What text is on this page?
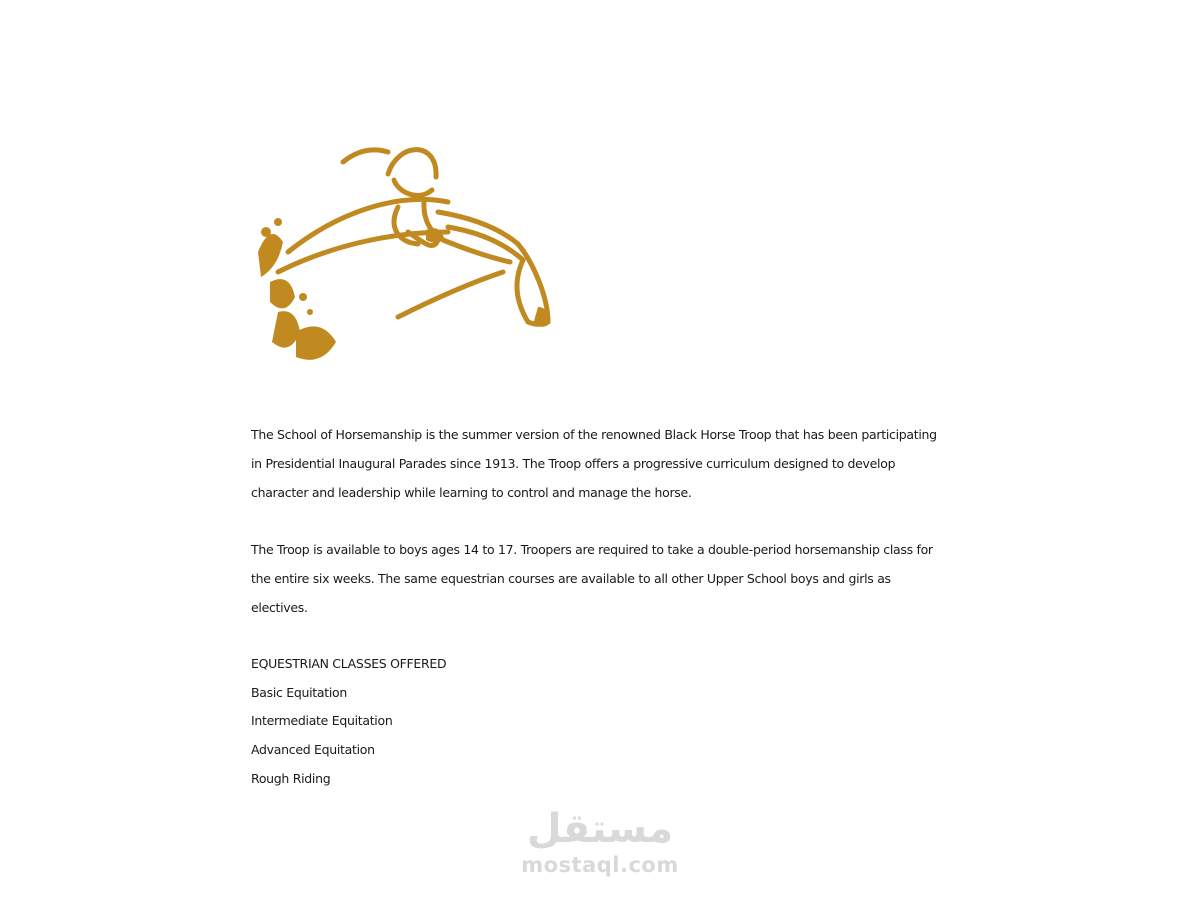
The School of Horsemanship is the summer version of the renowned Black Horse Troop that has been participating in Presidential Inaugural Parades since 1913. The Troop offers a progressive curriculum designed to develop character and leadership while learning to control and manage the horse.

The Troop is available to boys ages 14 to 17. Troopers are required to take a double-period horsemanship class for the entire six weeks. The same equestrian courses are available to all other Upper School boys and girls as electives.

EQUESTRIAN CLASSES OFFERED
Basic Equitation
Intermediate Equitation
Advanced Equitation
Rough Riding
مستقل
mostaql.com
